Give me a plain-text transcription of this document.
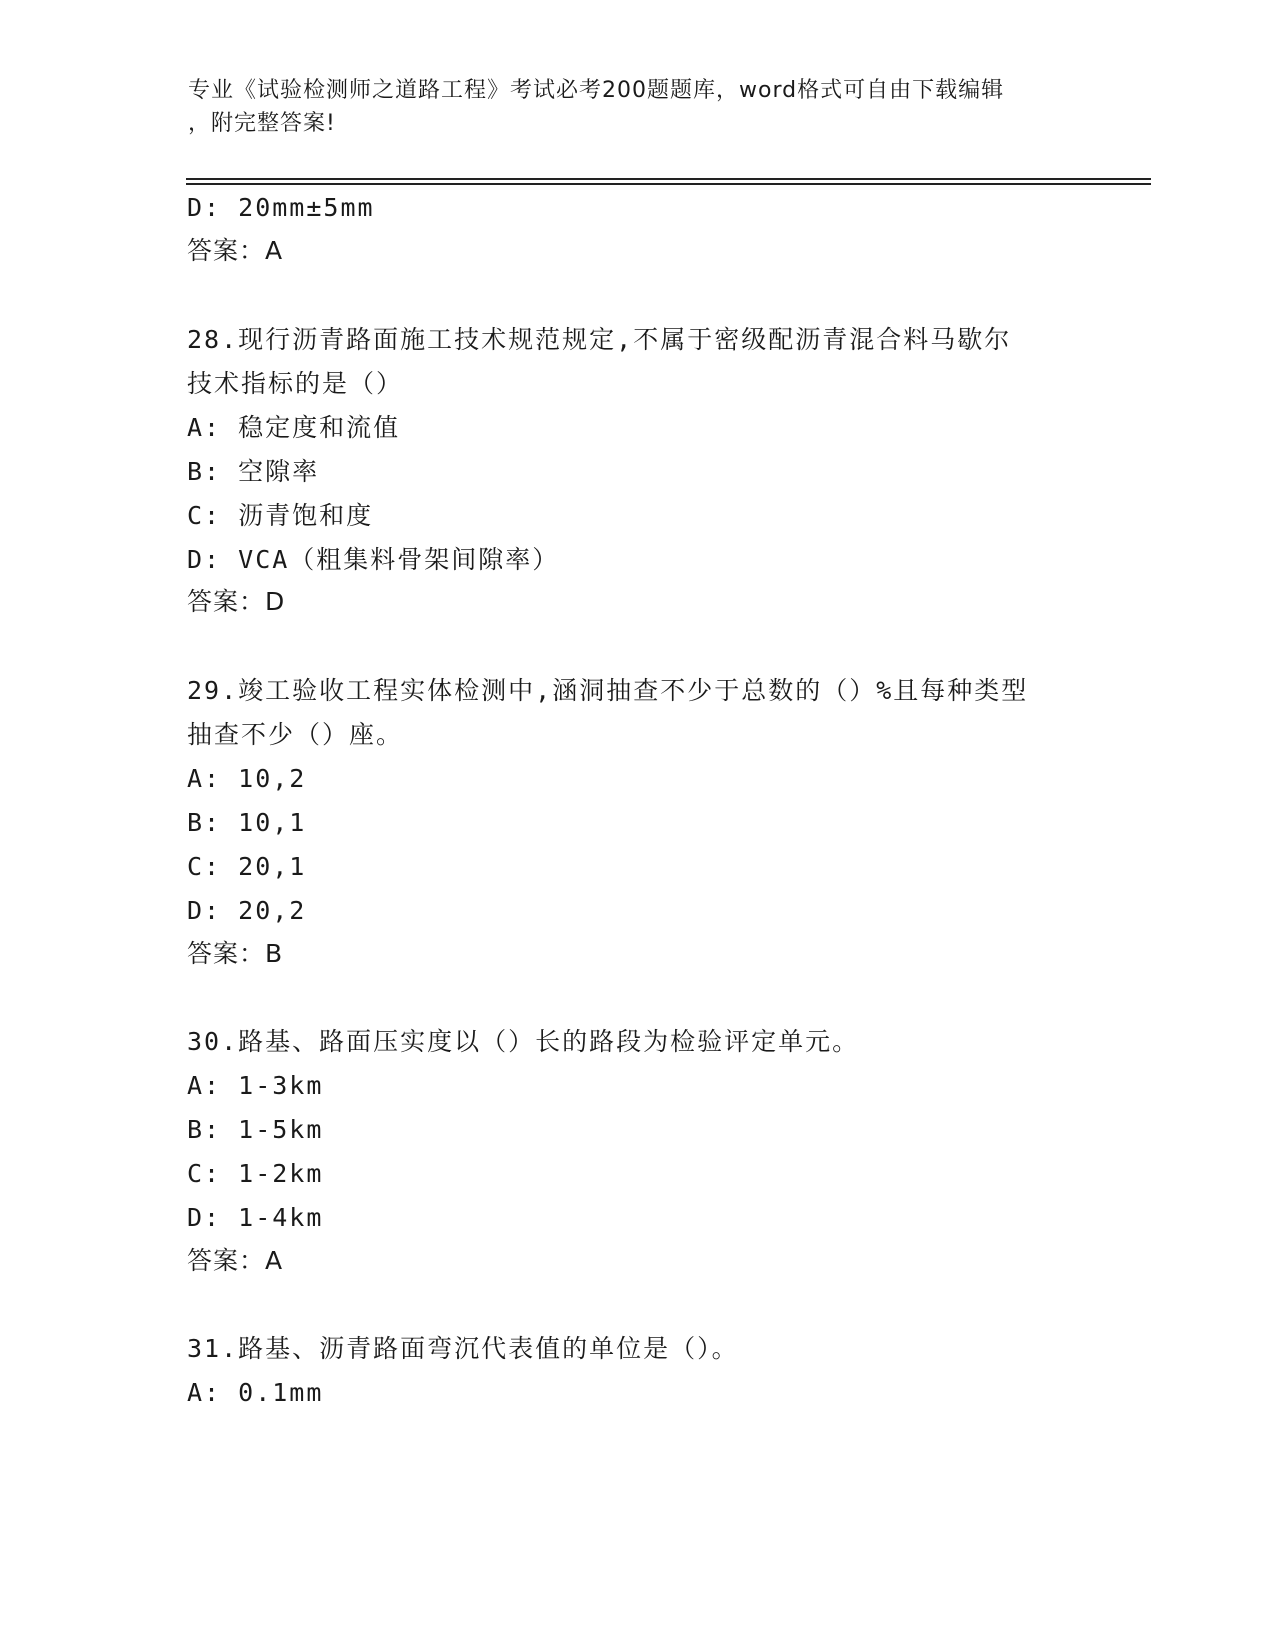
专业《试验检测师之道路工程》考试必考200题题库，word格式可自由下载编辑
，附完整答案!
D: 20mm±5mm
答案：A
28.现行沥青路面施工技术规范规定,不属于密级配沥青混合料马歇尔
技术指标的是（）
A: 稳定度和流值
B: 空隙率
C: 沥青饱和度
D: VCA（粗集料骨架间隙率）
答案：D
29.竣工验收工程实体检测中,涵洞抽查不少于总数的（）%且每种类型
抽查不少（）座。
A: 10,2
B: 10,1
C: 20,1
D: 20,2
答案：B
30.路基、路面压实度以（）长的路段为检验评定单元。
A: 1-3km
B: 1-5km
C: 1-2km
D: 1-4km
答案：A
31.路基、沥青路面弯沉代表值的单位是（）。
A: 0.1mm
